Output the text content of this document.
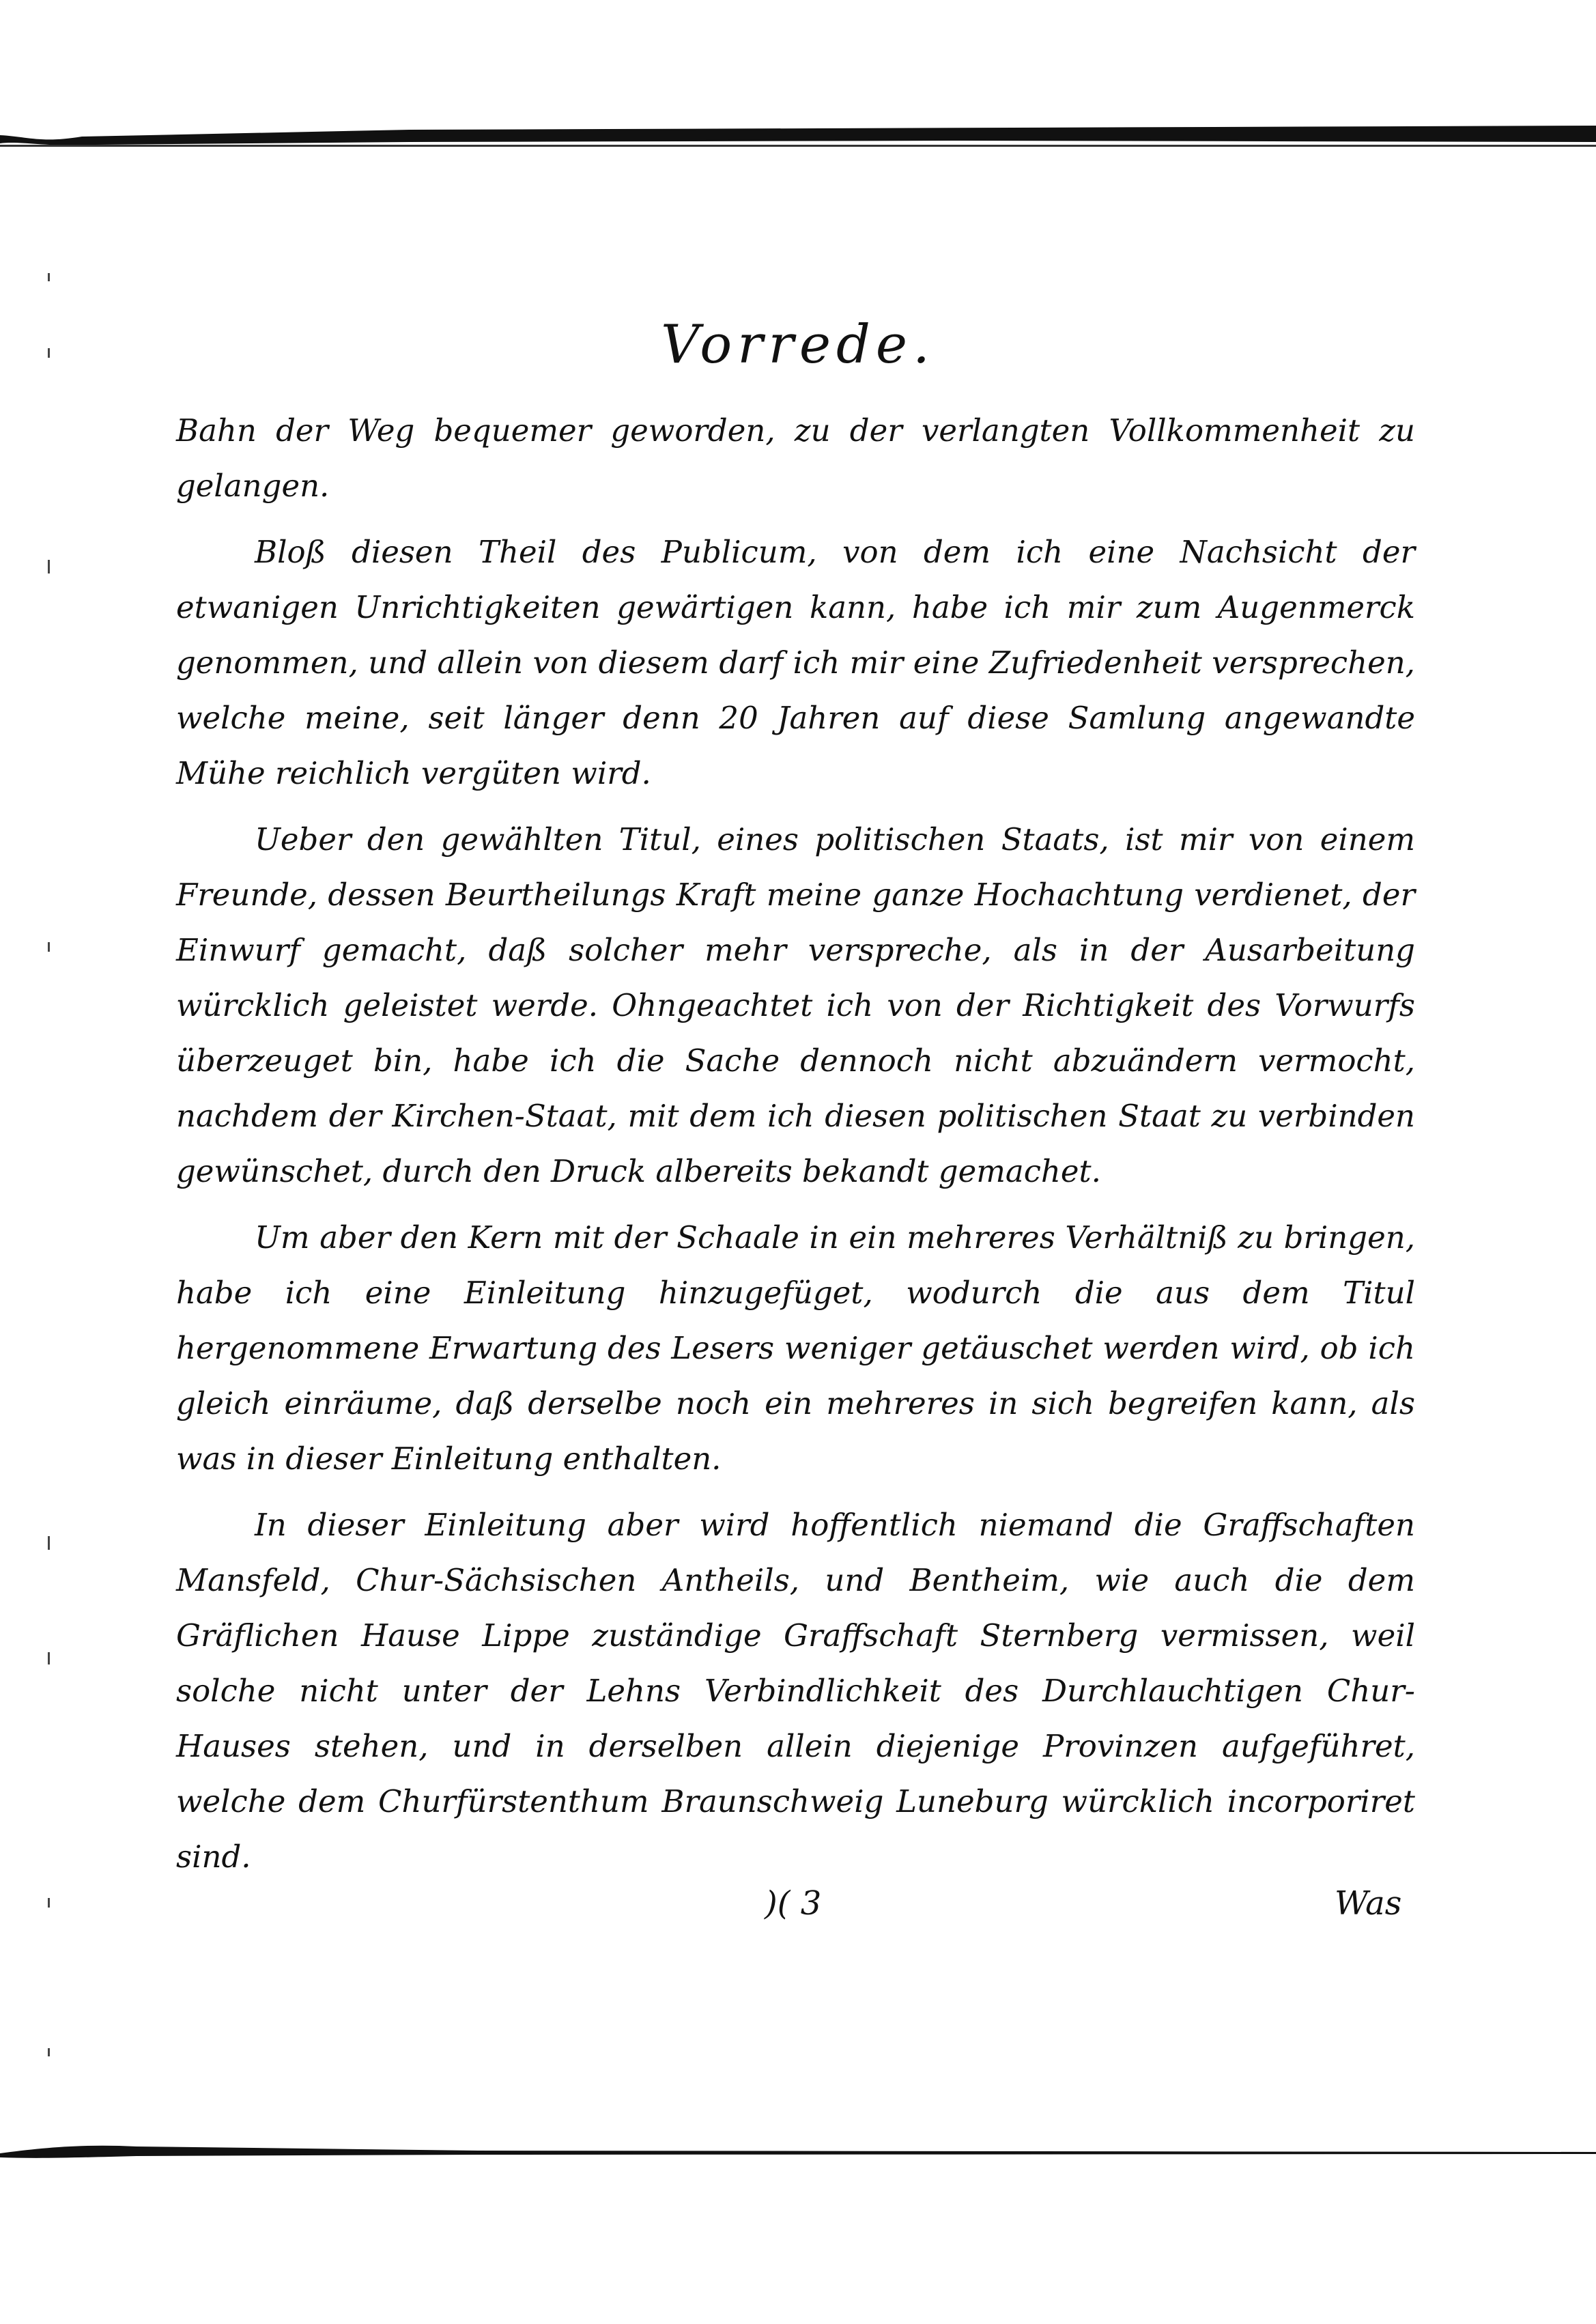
Vorrede.

Bahn der Weg bequemer geworden, zu der verlangten Vollkommenheit zu gelangen.

Bloß diesen Theil des Publicum, von dem ich eine Nachsicht der etwanigen Unrichtigkeiten gewärtigen kann, habe ich mir zum Augenmerck genommen, und allein von diesem darf ich mir eine Zufriedenheit versprechen, welche meine, seit länger denn 20 Jahren auf diese Samlung angewandte Mühe reichlich vergüten wird.

Ueber den gewählten Titul, eines politischen Staats, ist mir von einem Freunde, dessen Beurtheilungs Kraft meine ganze Hochachtung verdienet, der Einwurf gemacht, daß solcher mehr verspreche, als in der Ausarbeitung würcklich geleistet werde. Ohngeachtet ich von der Richtigkeit des Vorwurfs überzeuget bin, habe ich die Sache dennoch nicht abzuändern vermocht, nachdem der Kirchen-Staat, mit dem ich diesen politischen Staat zu verbinden gewünschet, durch den Druck albereits bekandt gemachet.

Um aber den Kern mit der Schaale in ein mehreres Verhältniß zu bringen, habe ich eine Einleitung hinzugefüget, wodurch die aus dem Titul hergenommene Erwartung des Lesers weniger getäuschet werden wird, ob ich gleich einräume, daß derselbe noch ein mehreres in sich begreifen kann, als was in dieser Einleitung enthalten.

In dieser Einleitung aber wird hoffentlich niemand die Graffschaften Mansfeld, Chur-Sächsischen Antheils, und Bentheim, wie auch die dem Gräflichen Hause Lippe zuständige Graffschaft Sternberg vermissen, weil solche nicht unter der Lehns Verbindlichkeit des Durchlauchtigen Chur-Hauses stehen, und in derselben allein diejenige Provinzen aufgeführet, welche dem Churfürstenthum Braunschweig Luneburg würcklich incorporiret sind.

)( 3	Was
